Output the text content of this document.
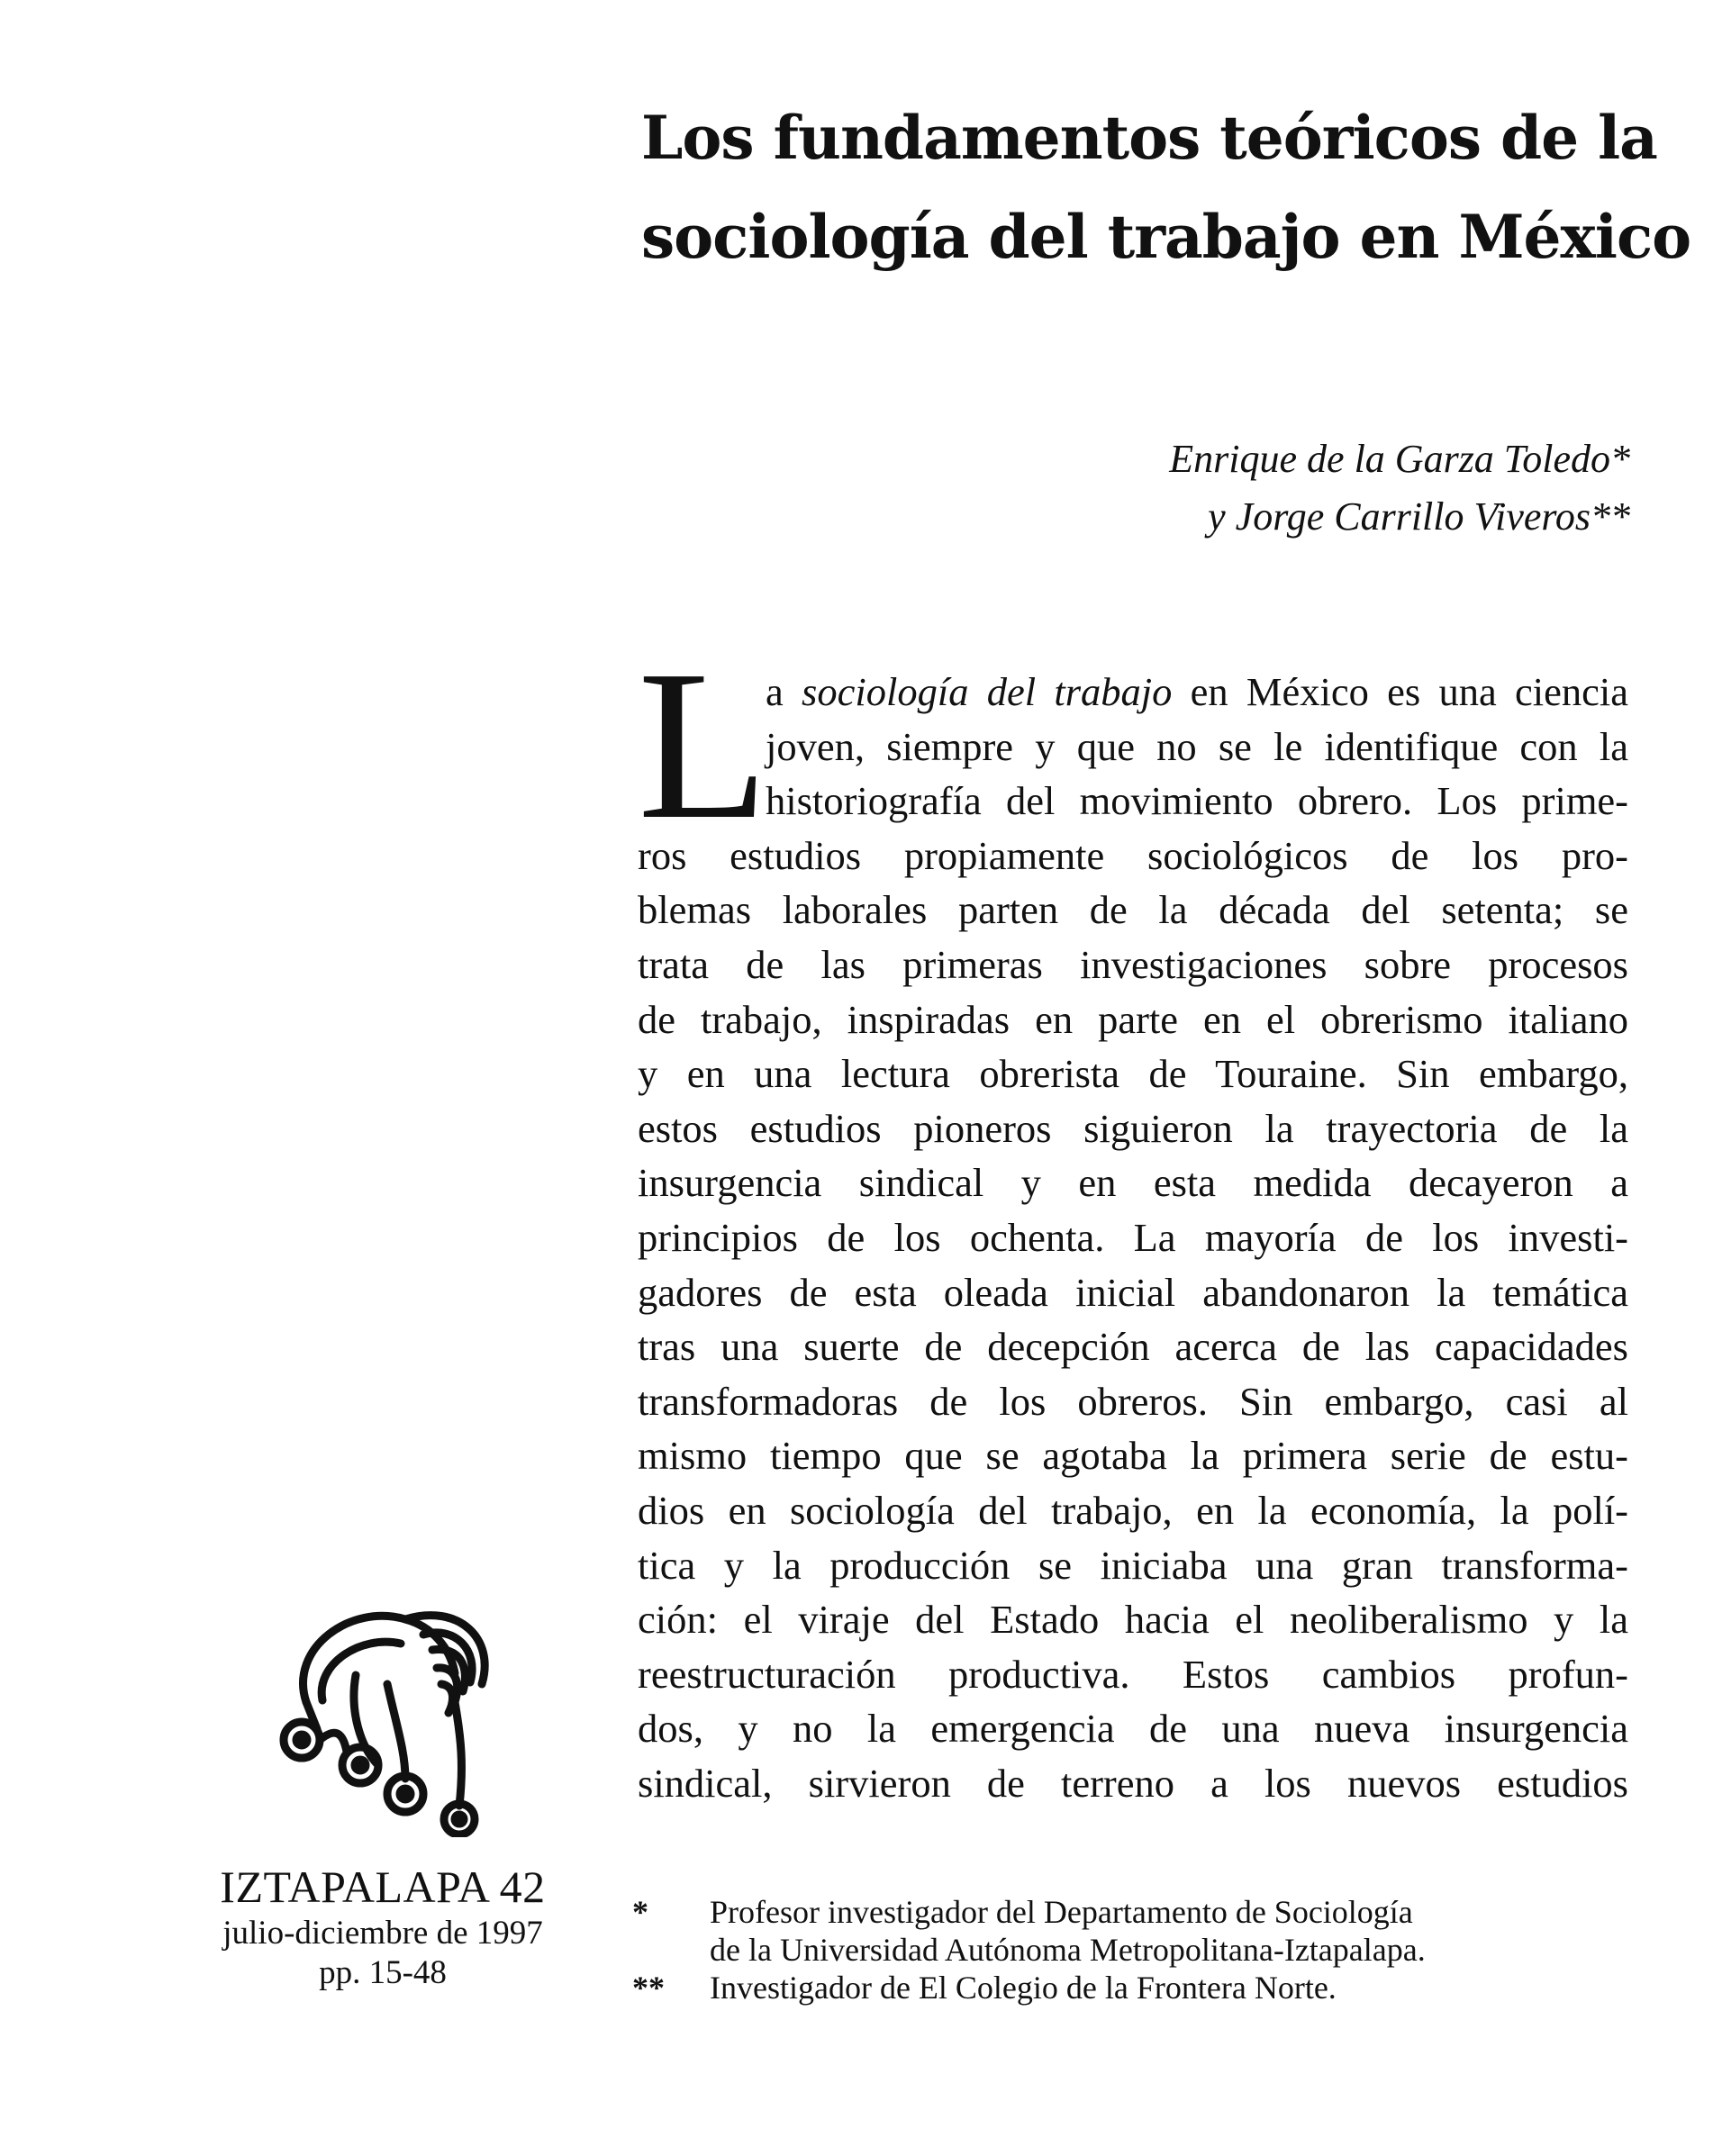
Los fundamentos teóricos de la
sociología del trabajo en México
Enrique de la Garza Toledo*
y Jorge Carrillo Viveros**
L
a sociología del trabajo en México es una ciencia
joven, siempre y que no se le identifique con la
historiografía del movimiento obrero. Los prime-
ros estudios propiamente sociológicos de los pro-
blemas laborales parten de la década del setenta; se
trata de las primeras investigaciones sobre procesos
de trabajo, inspiradas en parte en el obrerismo italiano
y en una lectura obrerista de Touraine. Sin embargo,
estos estudios pioneros siguieron la trayectoria de la
insurgencia sindical y en esta medida decayeron a
principios de los ochenta. La mayoría de los investi-
gadores de esta oleada inicial abandonaron la temática
tras una suerte de decepción acerca de las capacidades
transformadoras de los obreros. Sin embargo, casi al
mismo tiempo que se agotaba la primera serie de estu-
dios en sociología del trabajo, en la economía, la polí-
tica y la producción se iniciaba una gran transforma-
ción: el viraje del Estado hacia el neoliberalismo y la
reestructuración productiva. Estos cambios profun-
dos, y no la emergencia de una nueva insurgencia
sindical, sirvieron de terreno a los nuevos estudios
IZTAPALAPA 42
julio-diciembre de 1997
pp. 15-48
*	Profesor investigador del Departamento de Sociología
de la Universidad Autónoma Metropolitana-Iztapalapa.
**	Investigador de El Colegio de la Frontera Norte.
